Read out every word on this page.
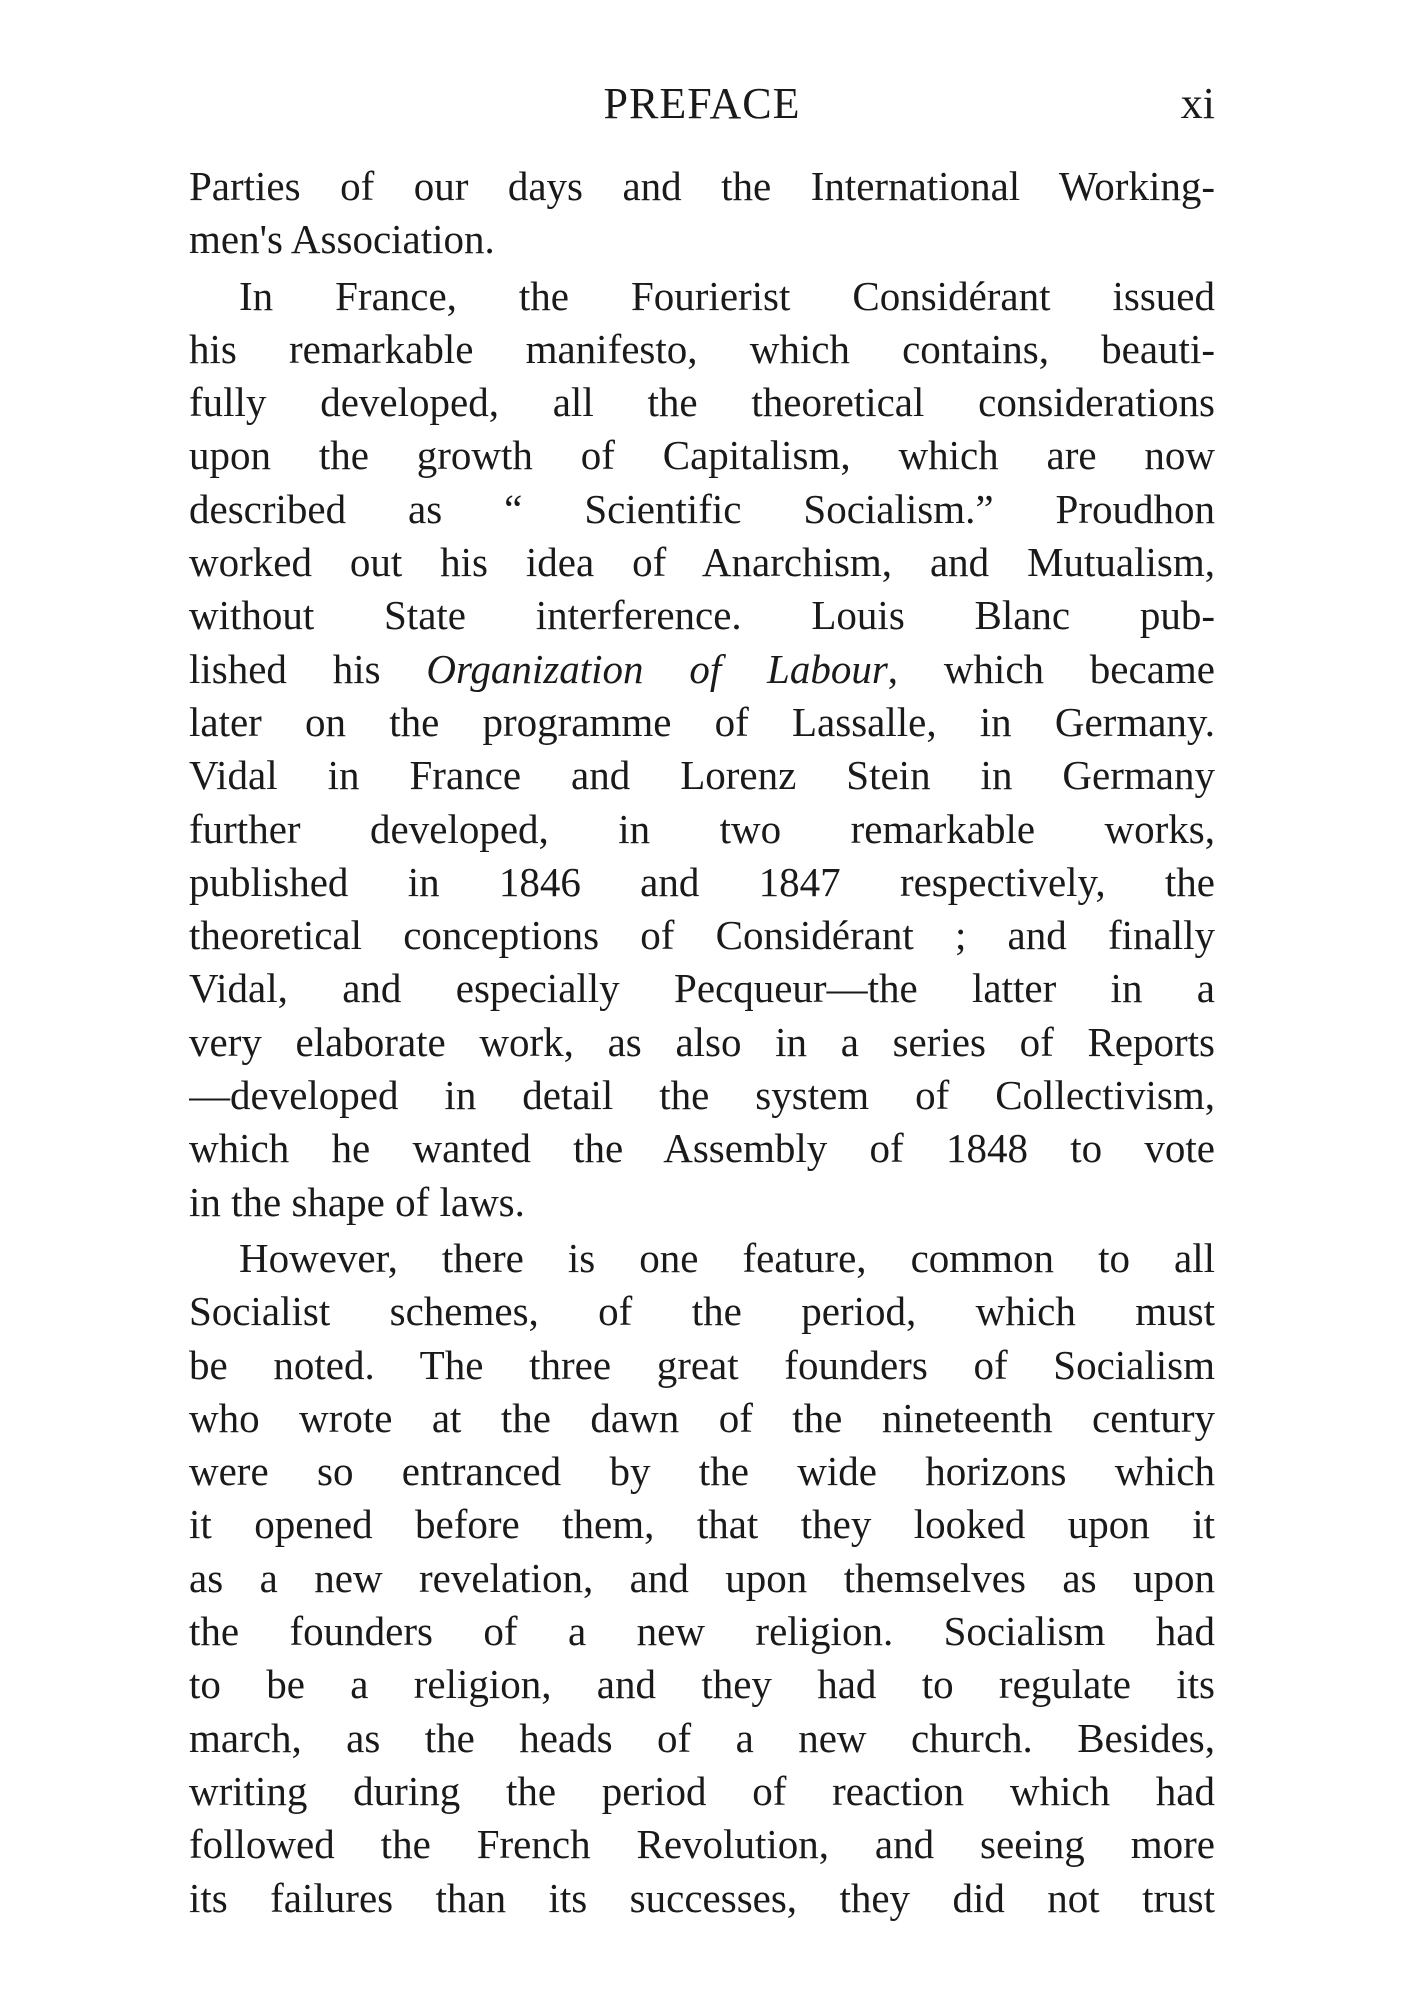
PREFACE	xi
Parties of our days and the International Working-
men's Association.
In France, the Fourierist Considérant issued
his remarkable manifesto, which contains, beauti-
fully developed, all the theoretical considerations
upon the growth of Capitalism, which are now
described as “ Scientific Socialism.” Proudhon
worked out his idea of Anarchism, and Mutualism,
without State interference. Louis Blanc pub-
lished his Organization of Labour, which became
later on the programme of Lassalle, in Germany.
Vidal in France and Lorenz Stein in Germany
further developed, in two remarkable works,
published in 1846 and 1847 respectively, the
theoretical conceptions of Considérant ; and finally
Vidal, and especially Pecqueur—the latter in a
very elaborate work, as also in a series of Reports
—developed in detail the system of Collectivism,
which he wanted the Assembly of 1848 to vote
in the shape of laws.
However, there is one feature, common to all
Socialist schemes, of the period, which must
be noted. The three great founders of Socialism
who wrote at the dawn of the nineteenth century
were so entranced by the wide horizons which
it opened before them, that they looked upon it
as a new revelation, and upon themselves as upon
the founders of a new religion. Socialism had
to be a religion, and they had to regulate its
march, as the heads of a new church. Besides,
writing during the period of reaction which had
followed the French Revolution, and seeing more
its failures than its successes, they did not trust
